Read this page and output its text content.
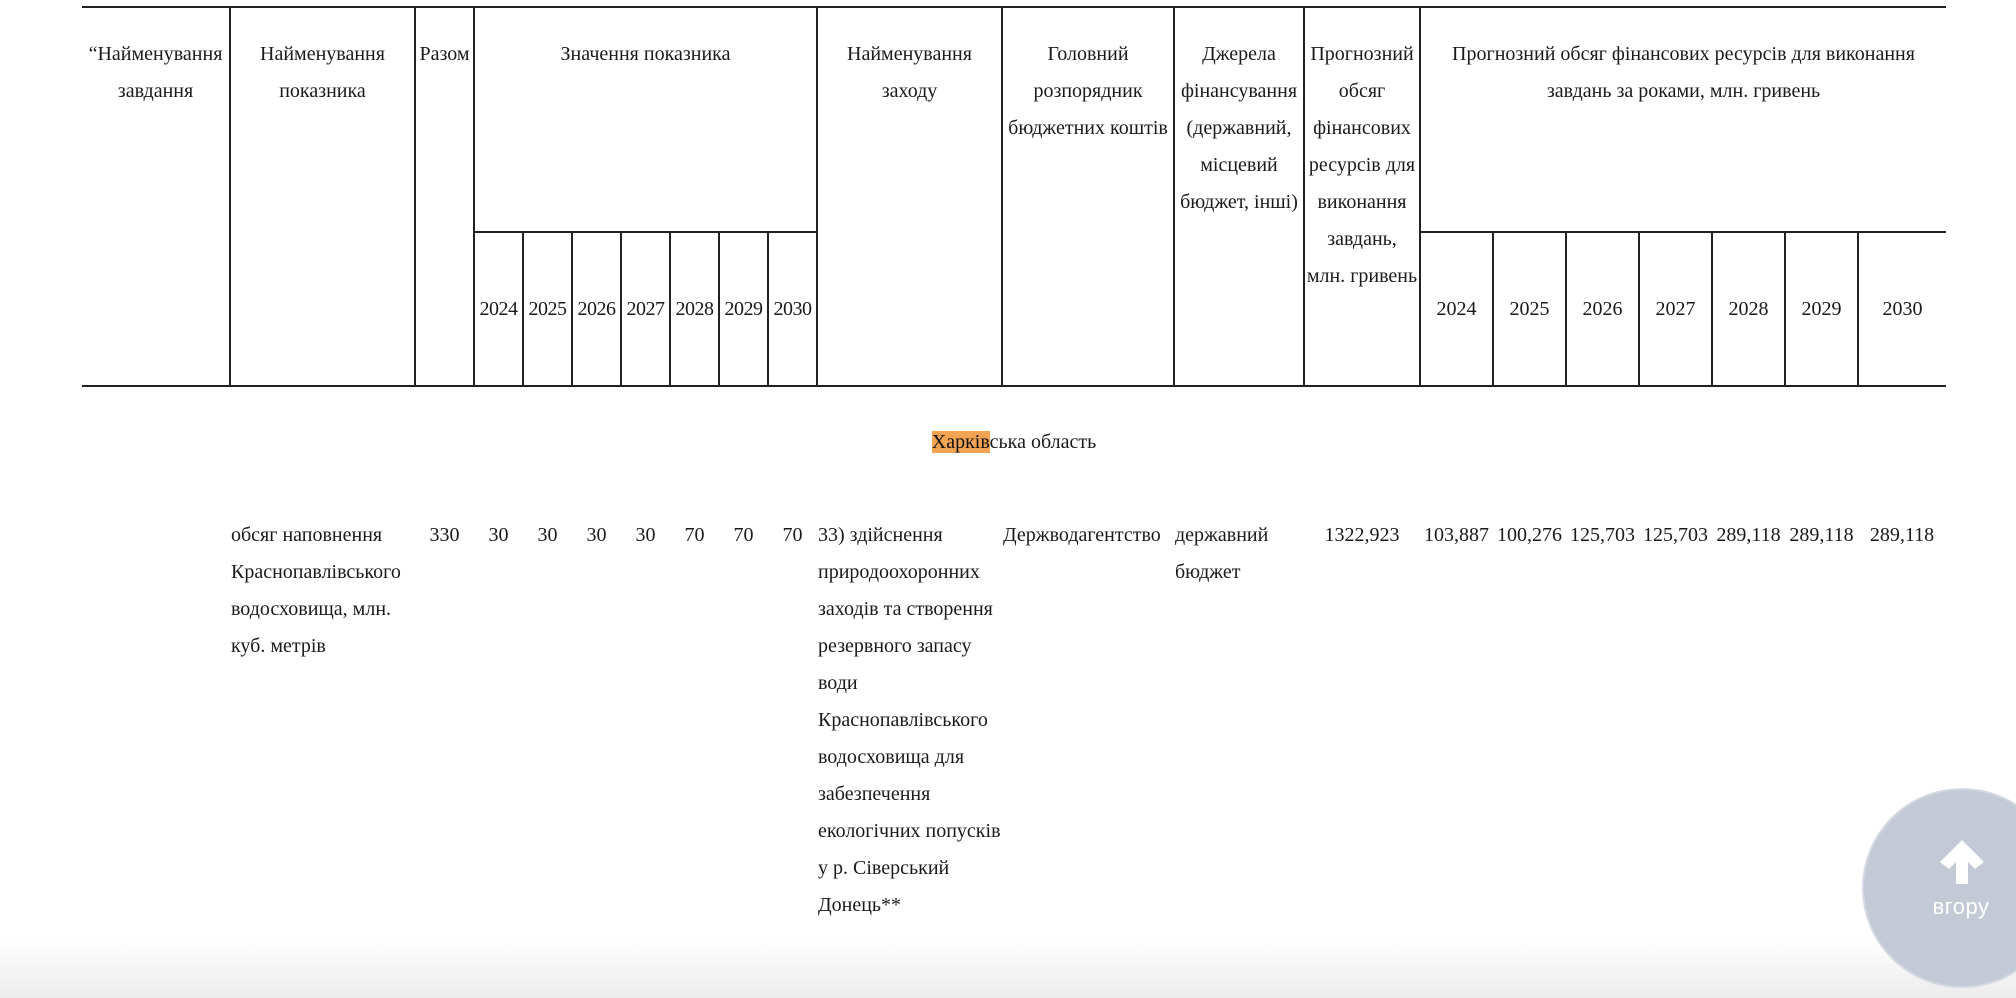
“Найменування завдання	Найменування показника	Разом	Значення показника							Найменування заходу	Головний розпорядник бюджетних коштів	Джерела фінансування (державний, місцевий бюджет, інші)	Прогнозний обсяг фінансових ресурсів для виконання завдань, млн. гривень	Прогнозний обсяг фінансових ресурсів для виконання завдань за роками, млн. гривень						
			2024	2025	2026	2027	2028	2029	2030					2024	2025	2026	2027	2028	2029	2030
Харківська область																				
	обсяг наповнення Краснопавлівського водосховища, млн. куб. метрів	330	30	30	30	30	70	70	70	33) здійснення природоохоронних заходів та створення резервного запасу води Краснопавлівського водосховища для забезпечення екологічних попусків у р. Сіверський Донець**	Держводагентство	державний бюджет	1322,923	103,887	100,276	125,703	125,703	289,118	289,118	289,118
вгору
